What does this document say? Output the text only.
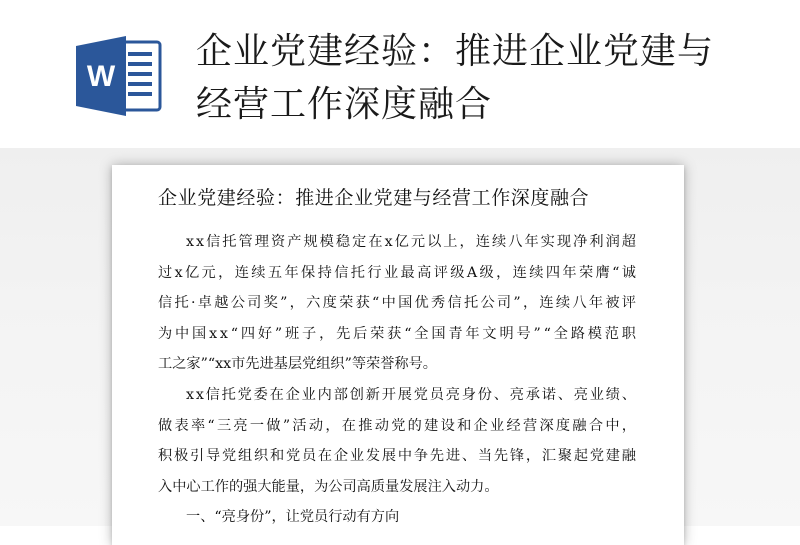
W
企业党建经验：推进企业党建与
经营工作深度融合
企业党建经验：推进企业党建与经营工作深度融合
xx信托管理资产规模稳定在x亿元以上，连续八年实现净利润超
过x亿元，连续五年保持信托行业最高评级A级，连续四年荣膺“诚
信托·卓越公司奖”，六度荣获“中国优秀信托公司”，连续八年被评
为中国xx“四好”班子，先后荣获“全国青年文明号”“全路模范职
工之家”“xx市先进基层党组织”等荣誉称号。
xx信托党委在企业内部创新开展党员亮身份、亮承诺、亮业绩、
做表率“三亮一做”活动，在推动党的建设和企业经营深度融合中，
积极引导党组织和党员在企业发展中争先进、当先锋，汇聚起党建融
入中心工作的强大能量，为公司高质量发展注入动力。
一、“亮身份”，让党员行动有方向
